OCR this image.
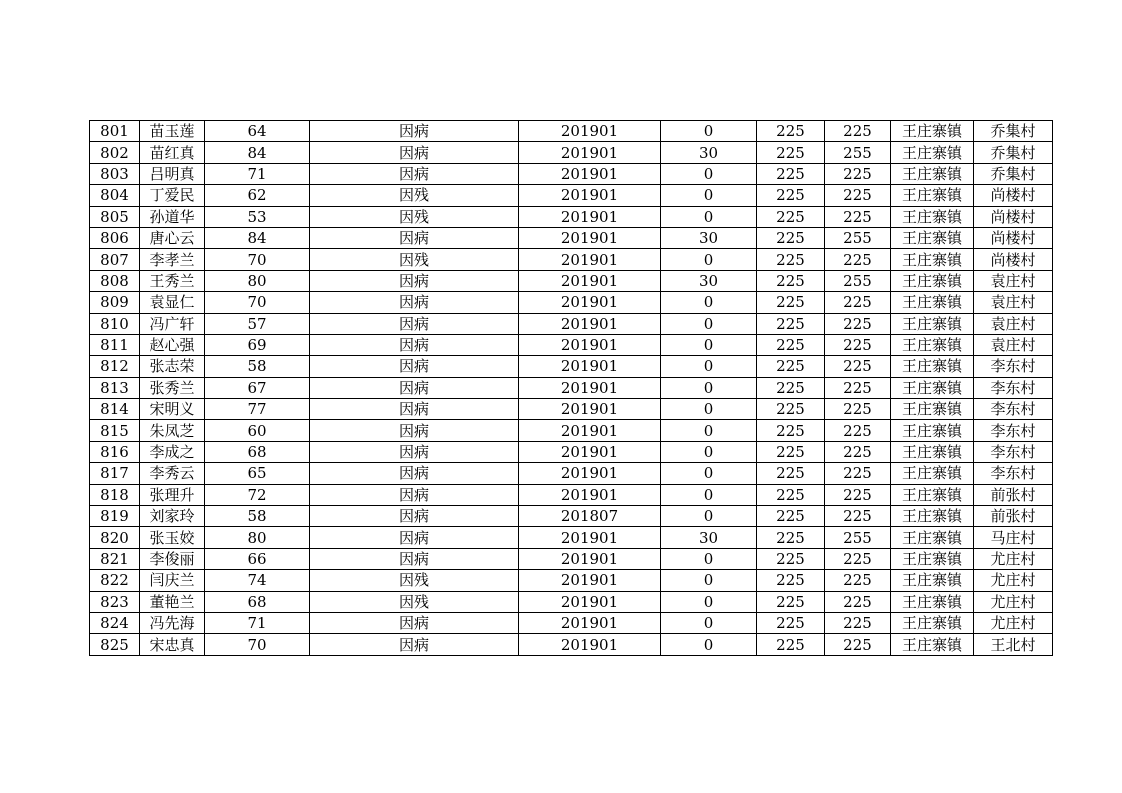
801	苗玉莲	64	因病	201901	0	225	225	王庄寨镇	乔集村
802	苗红真	84	因病	201901	30	225	255	王庄寨镇	乔集村
803	吕明真	71	因病	201901	0	225	225	王庄寨镇	乔集村
804	丁爱民	62	因残	201901	0	225	225	王庄寨镇	尚楼村
805	孙道华	53	因残	201901	0	225	225	王庄寨镇	尚楼村
806	唐心云	84	因病	201901	30	225	255	王庄寨镇	尚楼村
807	李孝兰	70	因残	201901	0	225	225	王庄寨镇	尚楼村
808	王秀兰	80	因病	201901	30	225	255	王庄寨镇	袁庄村
809	袁显仁	70	因病	201901	0	225	225	王庄寨镇	袁庄村
810	冯广轩	57	因病	201901	0	225	225	王庄寨镇	袁庄村
811	赵心强	69	因病	201901	0	225	225	王庄寨镇	袁庄村
812	张志荣	58	因病	201901	0	225	225	王庄寨镇	李东村
813	张秀兰	67	因病	201901	0	225	225	王庄寨镇	李东村
814	宋明义	77	因病	201901	0	225	225	王庄寨镇	李东村
815	朱凤芝	60	因病	201901	0	225	225	王庄寨镇	李东村
816	李成之	68	因病	201901	0	225	225	王庄寨镇	李东村
817	李秀云	65	因病	201901	0	225	225	王庄寨镇	李东村
818	张理升	72	因病	201901	0	225	225	王庄寨镇	前张村
819	刘家玲	58	因病	201807	0	225	225	王庄寨镇	前张村
820	张玉姣	80	因病	201901	30	225	255	王庄寨镇	马庄村
821	李俊丽	66	因病	201901	0	225	225	王庄寨镇	尤庄村
822	闫庆兰	74	因残	201901	0	225	225	王庄寨镇	尤庄村
823	董艳兰	68	因残	201901	0	225	225	王庄寨镇	尤庄村
824	冯先海	71	因病	201901	0	225	225	王庄寨镇	尤庄村
825	宋忠真	70	因病	201901	0	225	225	王庄寨镇	王北村
